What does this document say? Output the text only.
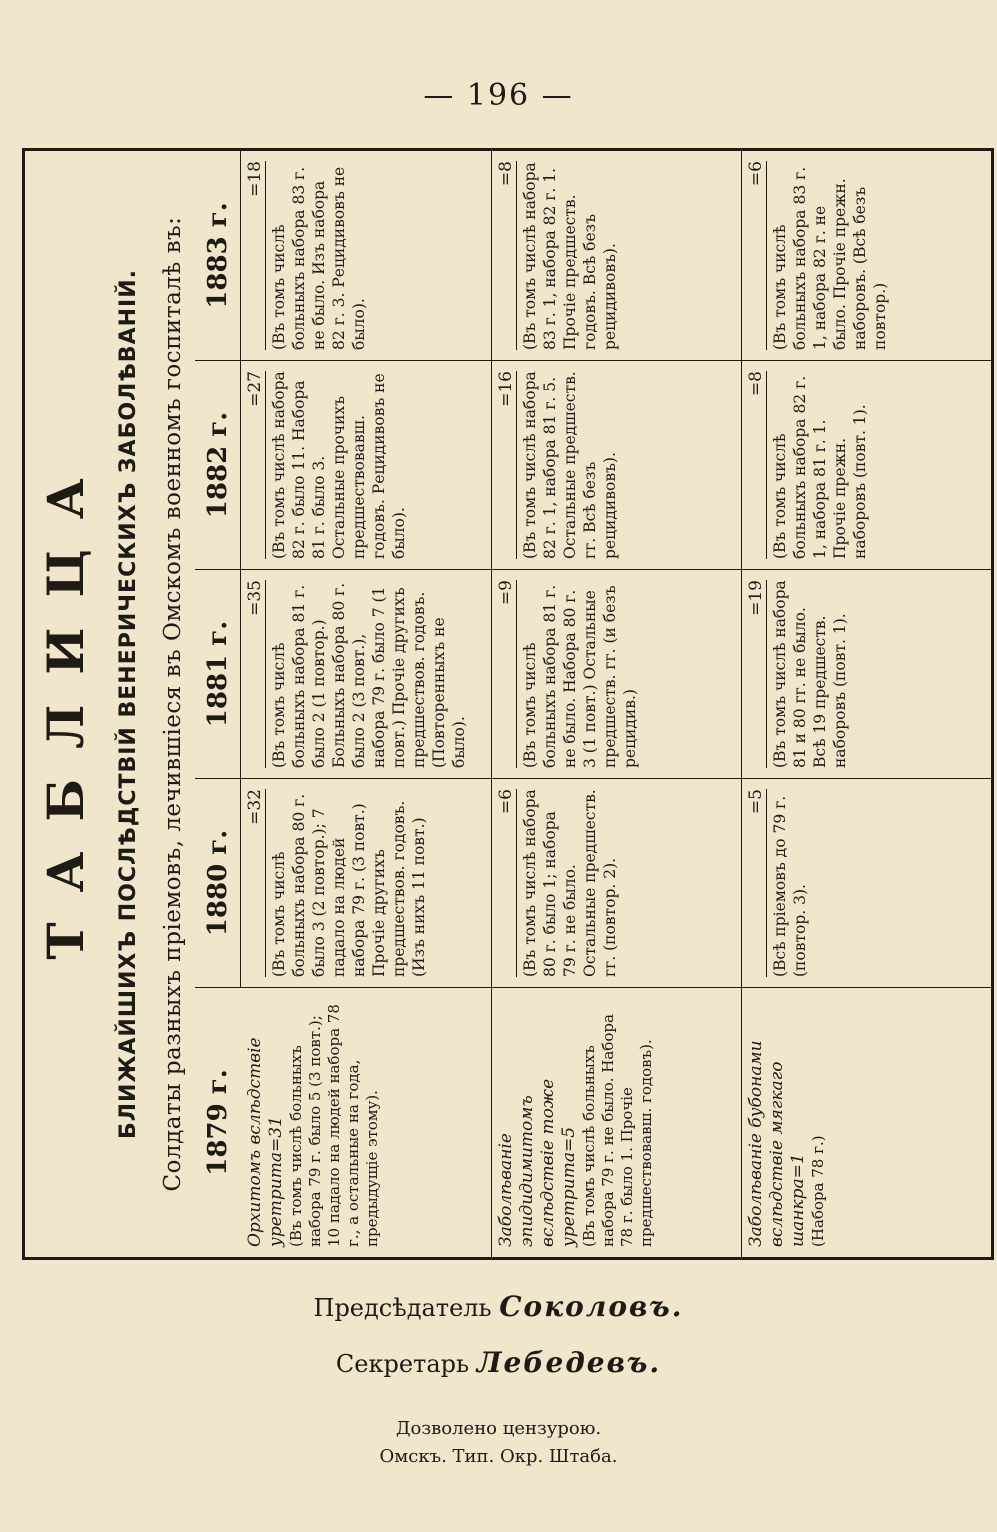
— 196 —
ТАБЛИЦА БЛИЖАЙШИХЪ ПОСЛѢДСТВІЙ ВЕНЕРИЧЕСКИХЪ ЗАБОЛѢВАНІЙ. Солдаты разныхъ пріемовъ, лечившіеся въ Омскомъ военномъ госпиталѣ въ: 1879 г.
1880 г.
1881 г.
1882 г.
1883 г.
Орхитомъ вслѣдствіе уретрита=31 (Въ томъ числѣ больныхъ набора 79 г. было 5 (3 повт.); 10 падало на людей набора 78 г., а остальные на года, предыдущіе этому).
=32
(Въ томъ числѣ больныхъ набора 80 г. было 3 (2 повтор.); 7 падало на людей набора 79 г. (3 повт.) Прочіе другихъ предшествов. годовъ. (Изъ нихъ 11 повт.)
=35
(Въ томъ числѣ больныхъ набора 81 г. было 2 (1 повтор.) Больныхъ набора 80 г. было 2 (3 повт.), набора 79 г. было 7 (1 повт.) Прочіе другихъ предшествов. годовъ. (Повторенныхъ не было).
=27 (Въ томъ числѣ набора 82 г. было 11. Набора 81 г. было 3. Остальные прочихъ предшествовавш. годовъ. Рецидивовъ не было).
=18
(Въ томъ числѣ больныхъ набора 83 г. не было. Изъ набора 82 г. 3. Рецидивовъ не было).
Заболѣваніе эпидидимитомъ вслѣдствіе тоже уретрита=5 (Въ томъ числѣ больныхъ набора 79 г. не было. Набора 78 г. было 1. Прочіе предшествовавш. годовъ).
=6 (Въ томъ числѣ набора 80 г. было 1; набора 79 г. не было. Остальные предшеств. гг. (повтор. 2).
=9
(Въ томъ числѣ больныхъ набора 81 г. не было. Набора 80 г. 3 (1 повт.) Остальные предшеств. гг. (и безъ рецидив.)
=16 (Въ томъ числѣ набора 82 г. 1, набора 81 г. 5. Остальные предшеств. гг. Всѣ безъ рецидивовъ).
=8 (Въ томъ числѣ набора 83 г. 1, набора 82 г. 1. Прочіе предшеств. годовъ. Всѣ безъ рецидивовъ).
Заболѣваніе бубонами вслѣдствіе мягкаго шанкра=1 (Набора 78 г.)
=5 (Всѣ пріемовъ до 79 г. (повтор. 3).
=19 (Въ томъ числѣ набора 81 и 80 гг. не было. Всѣ 19 предшеств. наборовъ (повт. 1).
=8
(Въ томъ числѣ больныхъ набора 82 г. 1, набора 81 г. 1. Прочіе прежн. наборовъ (повт. 1).
=6
(Въ томъ числѣ больныхъ набора 83 г. 1, набора 82 г. не было. Прочіе прежн. наборовъ. (Всѣ безъ повтор.)
Предсѣдатель Соколовъ.
Секретарь Лебедевъ.
Дозволено цензурою.
Омскъ. Тип. Окр. Штаба.
